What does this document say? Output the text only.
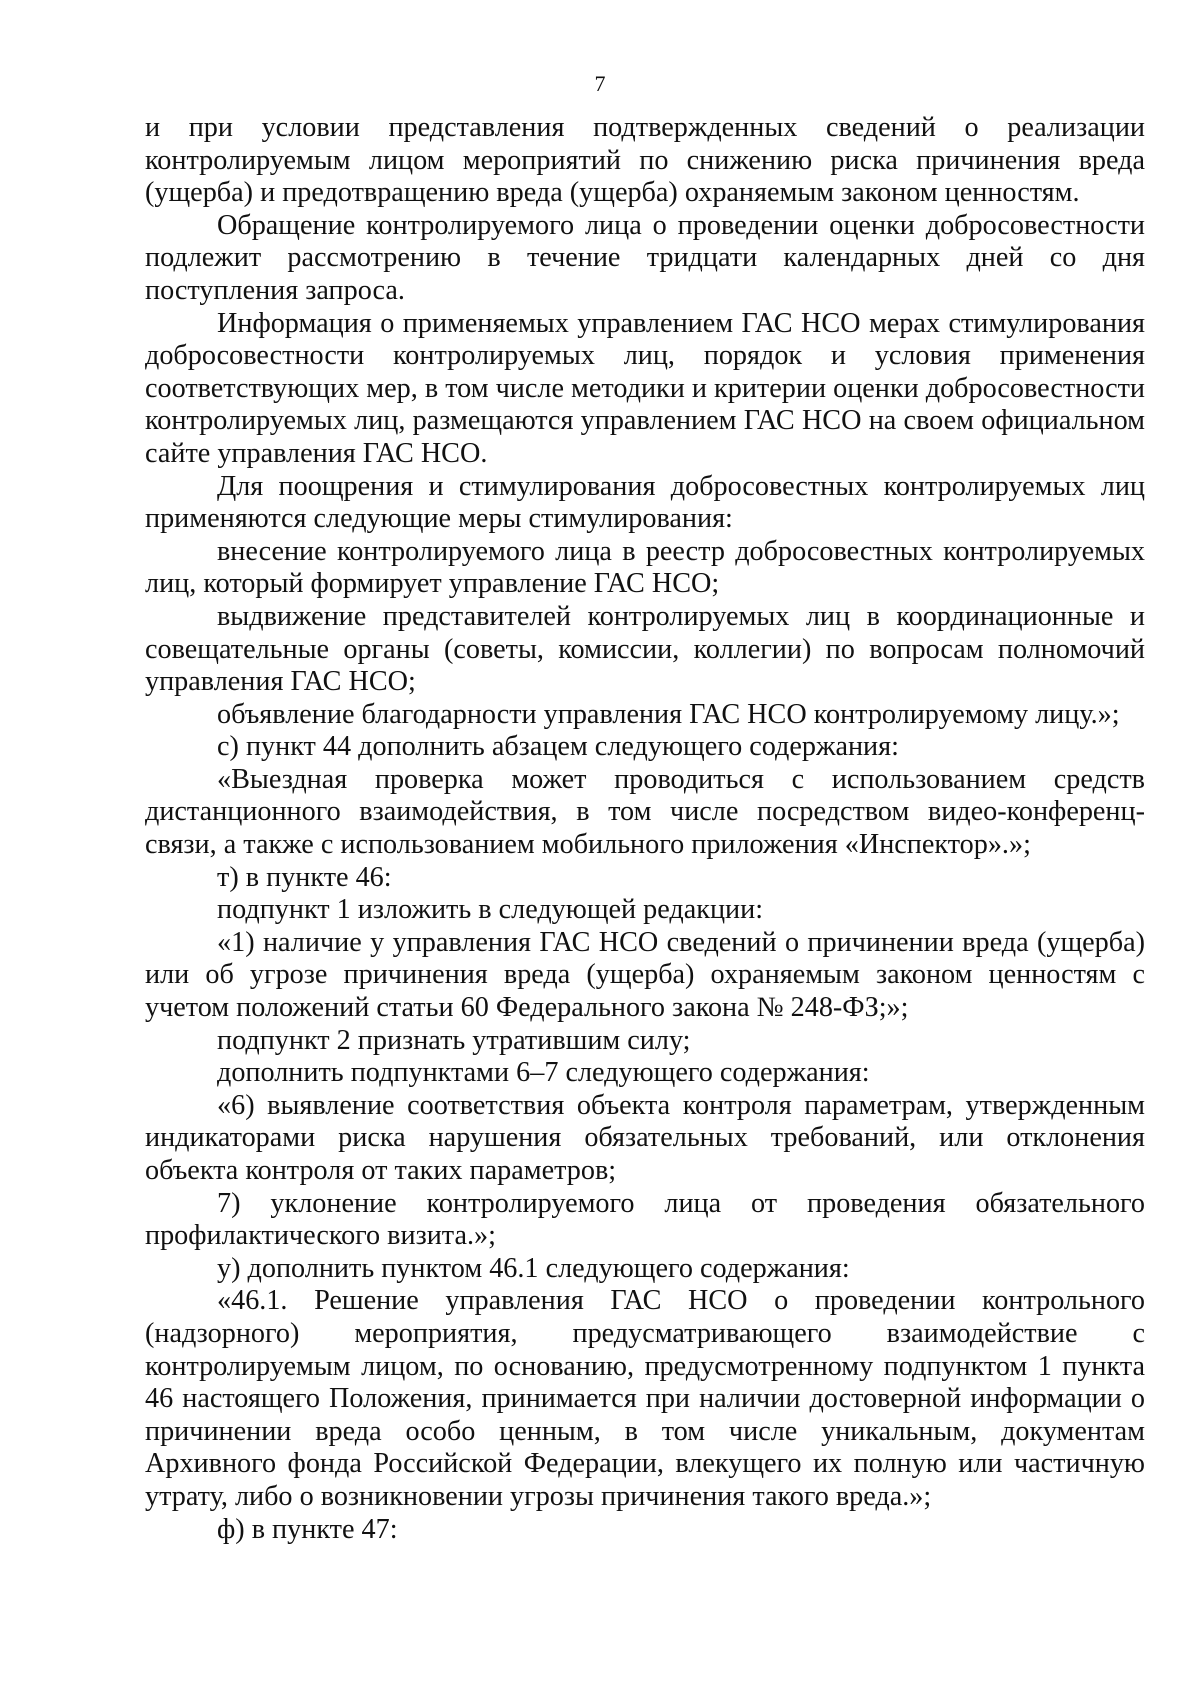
7

и при условии представления подтвержденных сведений о реализации контролируемым лицом мероприятий по снижению риска причинения вреда (ущерба) и предотвращению вреда (ущерба) охраняемым законом ценностям.

Обращение контролируемого лица о проведении оценки добросовестности подлежит рассмотрению в течение тридцати календарных дней со дня поступления запроса.

Информация о применяемых управлением ГАС НСО мерах стимулирования добросовестности контролируемых лиц, порядок и условия применения соответствующих мер, в том числе методики и критерии оценки добросовестности контролируемых лиц, размещаются управлением ГАС НСО на своем официальном сайте управления ГАС НСО.

Для поощрения и стимулирования добросовестных контролируемых лиц применяются следующие меры стимулирования:

внесение контролируемого лица в реестр добросовестных контролируемых лиц, который формирует управление ГАС НСО;

выдвижение представителей контролируемых лиц в координационные и совещательные органы (советы, комиссии, коллегии) по вопросам полномочий управления ГАС НСО;

объявление благодарности управления ГАС НСО контролируемому лицу.»;

с) пункт 44 дополнить абзацем следующего содержания:

«Выездная проверка может проводиться с использованием средств дистанционного взаимодействия, в том числе посредством видео-конференц-связи, а также с использованием мобильного приложения «Инспектор».»;

т) в пункте 46:

подпункт 1 изложить в следующей редакции:

«1) наличие у управления ГАС НСО сведений о причинении вреда (ущерба) или об угрозе причинения вреда (ущерба) охраняемым законом ценностям с учетом положений статьи 60 Федерального закона № 248-ФЗ;»;

подпункт 2 признать утратившим силу;

дополнить подпунктами 6–7 следующего содержания:

«6) выявление соответствия объекта контроля параметрам, утвержденным индикаторами риска нарушения обязательных требований, или отклонения объекта контроля от таких параметров;

7) уклонение контролируемого лица от проведения обязательного профилактического визита.»;

у) дополнить пунктом 46.1 следующего содержания:

«46.1. Решение управления ГАС НСО о проведении контрольного (надзорного) мероприятия, предусматривающего взаимодействие с контролируемым лицом, по основанию, предусмотренному подпунктом 1 пункта 46 настоящего Положения, принимается при наличии достоверной информации о причинении вреда особо ценным, в том числе уникальным, документам Архивного фонда Российской Федерации, влекущего их полную или частичную утрату, либо о возникновении угрозы причинения такого вреда.»;

ф) в пункте 47:
